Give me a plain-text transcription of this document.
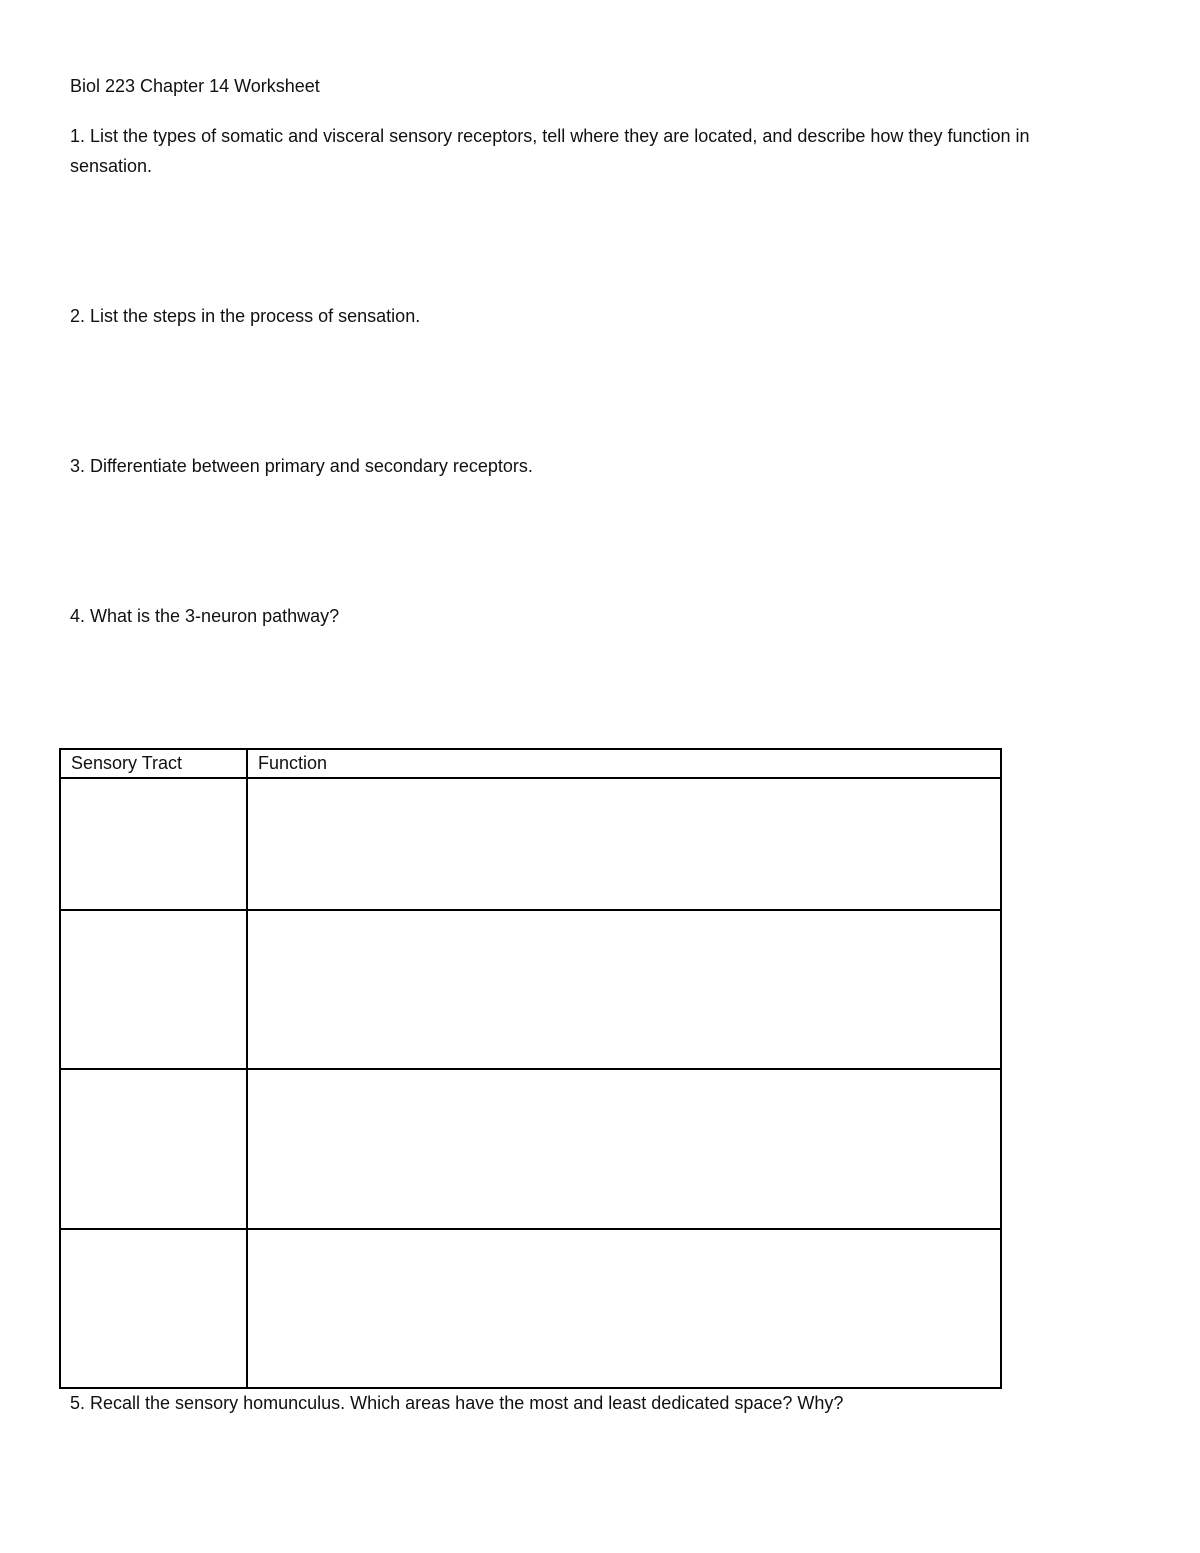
Biol 223 Chapter 14 Worksheet
1. List the types of somatic and visceral sensory receptors, tell where they are located, and describe how they function in
sensation.
2. List the steps in the process of sensation.
3. Differentiate between primary and secondary receptors.
4. What is the 3-neuron pathway?
Sensory Tract	Function

5. Recall the sensory homunculus. Which areas have the most and least dedicated space? Why?
